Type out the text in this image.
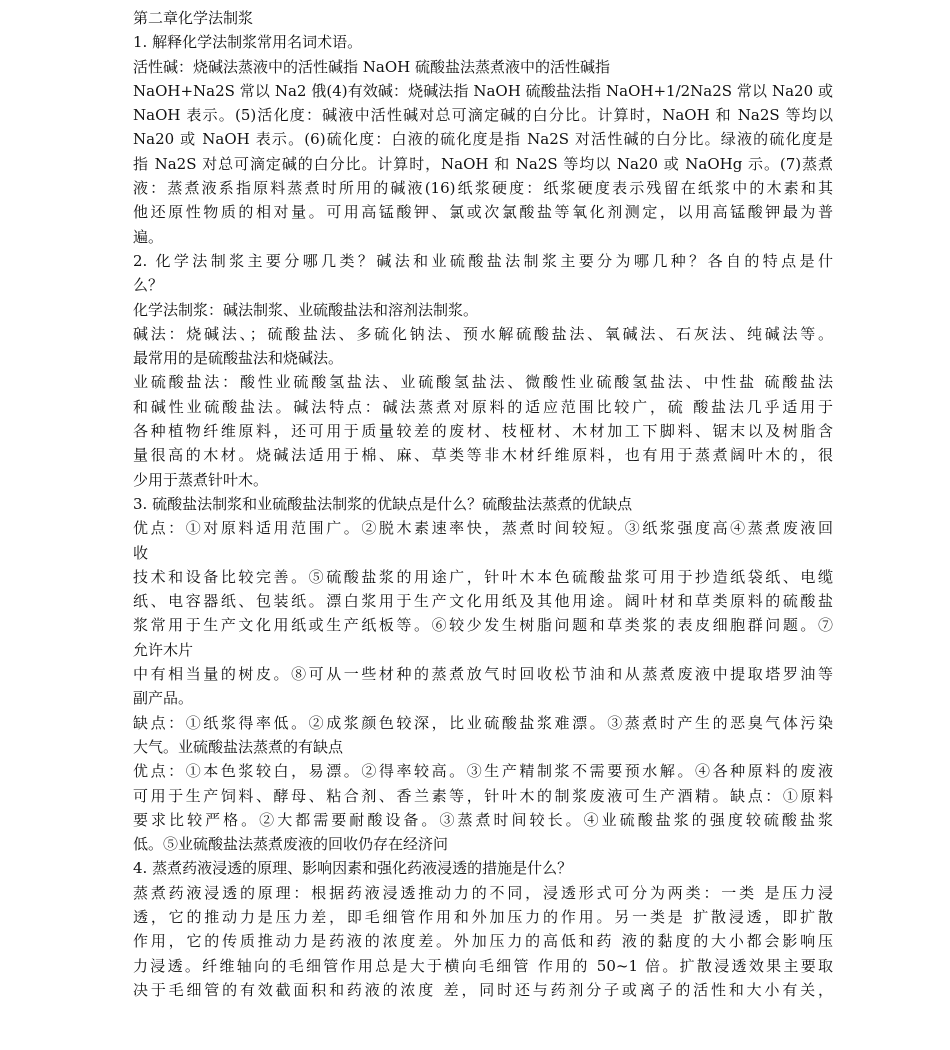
第二章化学法制浆
1. 解释化学法制浆常用名词术语。
活性碱：烧碱法蒸液中的活性碱指 NaOH 硫酸盐法蒸煮液中的活性碱指
NaOH+Na2S 常以 Na2 俄(4)有效碱：烧碱法指 NaOH 硫酸盐法指 NaOH+1/2Na2S 常以 Na20 或
NaOH 表示。(5)活化度：碱液中活性碱对总可滴定碱的白分比。计算时，NaOH 和 Na2S 等均以
Na20 或 NaOH 表示。(6)硫化度：白液的硫化度是指 Na2S 对活性碱的白分比。绿液的硫化度是
指 Na2S 对总可滴定碱的白分比。计算时，NaOH 和 Na2S 等均以 Na20 或 NaOHg 示。(7)蒸煮
液：蒸煮液系指原料蒸煮时所用的碱液(16)纸浆硬度：纸浆硬度表示残留在纸浆中的木素和其
他还原性物质的相对量。可用高锰酸钾、氯或次氯酸盐等氧化剂测定，以用高锰酸钾最为普
遍。
2. 化学法制浆主要分哪几类？碱法和业硫酸盐法制浆主要分为哪几种？各自的特点是什
么？
化学法制浆：碱法制浆、业硫酸盐法和溶剂法制浆。
碱法：烧碱法、；硫酸盐法、多硫化钠法、预水解硫酸盐法、氧碱法、石灰法、纯碱法等。
最常用的是硫酸盐法和烧碱法。
业硫酸盐法：酸性业硫酸氢盐法、业硫酸氢盐法、微酸性业硫酸氢盐法、中性盐 硫酸盐法
和碱性业硫酸盐法。碱法特点：碱法蒸煮对原料的适应范围比较广，硫 酸盐法几乎适用于
各种植物纤维原料，还可用于质量较差的废材、枝桠材、木材加工下脚料、锯末以及树脂含
量很高的木材。烧碱法适用于棉、麻、草类等非木材纤维原料，也有用于蒸煮阔叶木的，很
少用于蒸煮针叶木。
3. 硫酸盐法制浆和业硫酸盐法制浆的优缺点是什么？硫酸盐法蒸煮的优缺点
优点：①对原料适用范围广。②脱木素速率快，蒸煮时间较短。③纸浆强度高④蒸煮废液回
收
技术和设备比较完善。⑤硫酸盐浆的用途广，针叶木本色硫酸盐浆可用于抄造纸袋纸、电缆
纸、电容器纸、包装纸。漂白浆用于生产文化用纸及其他用途。阔叶材和草类原料的硫酸盐
浆常用于生产文化用纸或生产纸板等。⑥较少发生树脂问题和草类浆的表皮细胞群问题。⑦
允许木片
中有相当量的树皮。⑧可从一些材种的蒸煮放气时回收松节油和从蒸煮废液中提取塔罗油等
副产品。
缺点：①纸浆得率低。②成浆颜色较深，比业硫酸盐浆难漂。③蒸煮时产生的恶臭气体污染
大气。业硫酸盐法蒸煮的有缺点
优点：①本色浆较白，易漂。②得率较高。③生产精制浆不需要预水解。④各种原料的废液
可用于生产饲料、酵母、粘合剂、香兰素等，针叶木的制浆废液可生产酒精。缺点：①原料
要求比较严格。②大都需要耐酸设备。③蒸煮时间较长。④业硫酸盐浆的强度较硫酸盐浆
低。⑤业硫酸盐法蒸煮废液的回收仍存在经济问
4. 蒸煮药液浸透的原理、影响因素和强化药液浸透的措施是什么？
蒸煮药液浸透的原理：根据药液浸透推动力的不同，浸透形式可分为两类：一类 是压力浸
透，它的推动力是压力差，即毛细管作用和外加压力的作用。另一类是 扩散浸透，即扩散
作用，它的传质推动力是药液的浓度差。外加压力的高低和药 液的黏度的大小都会影响压
力浸透。纤维轴向的毛细管作用总是大于横向毛细管 作用的 50~1 倍。扩散浸透效果主要取
决于毛细管的有效截面积和药液的浓度 差，同时还与药剂分子或离子的活性和大小有关，
